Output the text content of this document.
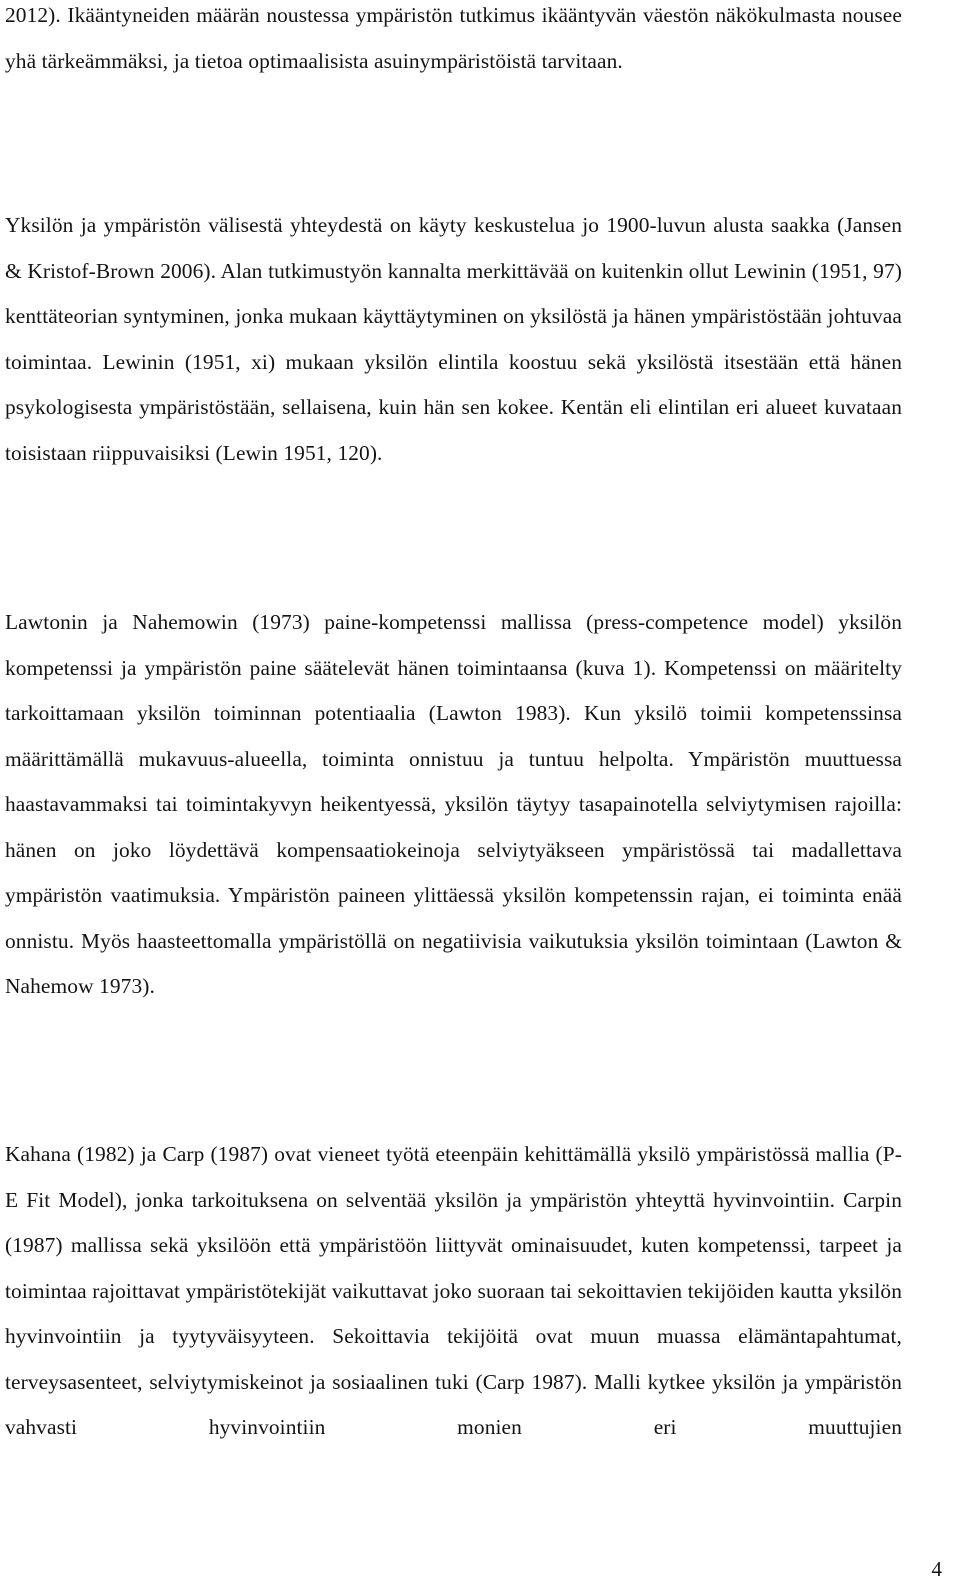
2012). Ikääntyneiden määrän noustessa ympäristön tutkimus ikääntyvän väestön näkökulmasta nousee yhä tärkeämmäksi, ja tietoa optimaalisista asuinympäristöistä tarvitaan.

Yksilön ja ympäristön välisestä yhteydestä on käyty keskustelua jo 1900-luvun alusta saakka (Jansen & Kristof-Brown 2006). Alan tutkimustyön kannalta merkittävää on kuitenkin ollut Lewinin (1951, 97) kenttäteorian syntyminen, jonka mukaan käyttäytyminen on yksilöstä ja hänen ympäristöstään johtuvaa toimintaa. Lewinin (1951, xi) mukaan yksilön elintila koostuu sekä yksilöstä itsestään että hänen psykologisesta ympäristöstään, sellaisena, kuin hän sen kokee. Kentän eli elintilan eri alueet kuvataan toisistaan riippuvaisiksi (Lewin 1951, 120).

Lawtonin ja Nahemowin (1973) paine-kompetenssi mallissa (press-competence model) yksilön kompetenssi ja ympäristön paine säätelevät hänen toimintaansa (kuva 1). Kompetenssi on määritelty tarkoittamaan yksilön toiminnan potentiaalia (Lawton 1983). Kun yksilö toimii kompetenssinsa määrittämällä mukavuus-alueella, toiminta onnistuu ja tuntuu helpolta. Ympäristön muuttuessa haastavammaksi tai toimintakyvyn heikentyessä, yksilön täytyy tasapainotella selviytymisen rajoilla: hänen on joko löydettävä kompensaatiokeinoja selviytyäkseen ympäristössä tai madallettava ympäristön vaatimuksia. Ympäristön paineen ylittäessä yksilön kompetenssin rajan, ei toiminta enää onnistu. Myös haasteettomalla ympäristöllä on negatiivisia vaikutuksia yksilön toimintaan (Lawton & Nahemow 1973).

Kahana (1982) ja Carp (1987) ovat vieneet työtä eteenpäin kehittämällä yksilö ympäristössä mallia (P-E Fit Model), jonka tarkoituksena on selventää yksilön ja ympäristön yhteyttä hyvinvointiin. Carpin (1987) mallissa sekä yksilöön että ympäristöön liittyvät ominaisuudet, kuten kompetenssi, tarpeet ja toimintaa rajoittavat ympäristötekijät vaikuttavat joko suoraan tai sekoittavien tekijöiden kautta yksilön hyvinvointiin ja tyytyväisyyteen. Sekoittavia tekijöitä ovat muun muassa elämäntapahtumat, terveysasenteet, selviytymiskeinot ja sosiaalinen tuki (Carp 1987). Malli kytkee yksilön ja ympäristön vahvasti hyvinvointiin monien eri muuttujien

4
